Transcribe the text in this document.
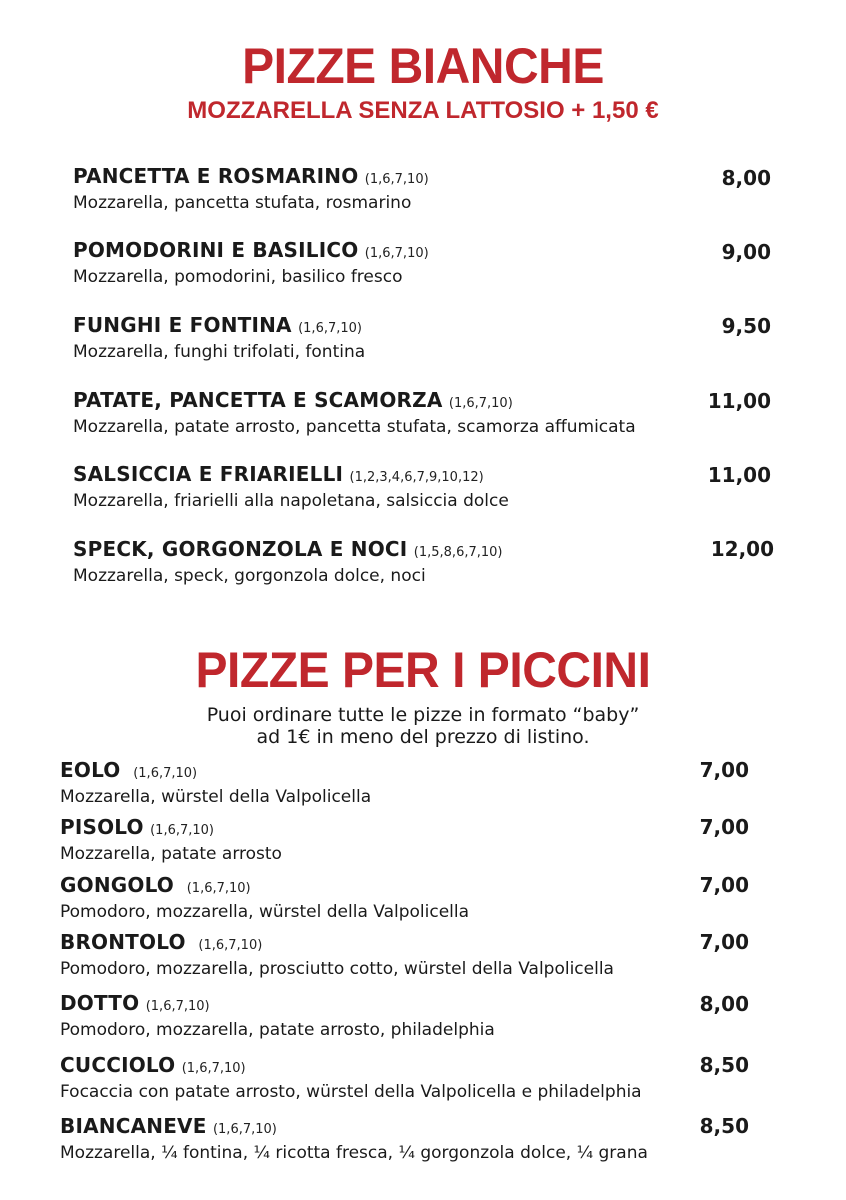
PIZZE BIANCHE
MOZZARELLA SENZA LATTOSIO + 1,50 €
PANCETTA E ROSMARINO (1,6,7,10)
Mozzarella, pancetta stufata, rosmarino
8,00
POMODORINI E BASILICO (1,6,7,10)
Mozzarella, pomodorini, basilico fresco
9,00
FUNGHI E FONTINA (1,6,7,10)
Mozzarella, funghi trifolati, fontina
9,50
PATATE, PANCETTA E SCAMORZA (1,6,7,10)
Mozzarella, patate arrosto, pancetta stufata, scamorza affumicata
11,00
SALSICCIA E FRIARIELLI (1,2,3,4,6,7,9,10,12)
Mozzarella, friarielli alla napoletana, salsiccia dolce
11,00
SPECK, GORGONZOLA E NOCI (1,5,8,6,7,10)
Mozzarella, speck, gorgonzola dolce, noci
12,00
PIZZE PER I PICCINI
Puoi ordinare tutte le pizze in formato “baby”
ad 1€ in meno del prezzo di listino.
EOLO (1,6,7,10)
Mozzarella, würstel della Valpolicella
7,00
PISOLO (1,6,7,10)
Mozzarella, patate arrosto
7,00
GONGOLO (1,6,7,10)
Pomodoro, mozzarella, würstel della Valpolicella
7,00
BRONTOLO (1,6,7,10)
Pomodoro, mozzarella, prosciutto cotto, würstel della Valpolicella
7,00
DOTTO (1,6,7,10)
Pomodoro, mozzarella, patate arrosto, philadelphia
8,00
CUCCIOLO (1,6,7,10)
Focaccia con patate arrosto, würstel della Valpolicella e philadelphia
8,50
BIANCANEVE (1,6,7,10)
Mozzarella, ¼ fontina, ¼ ricotta fresca, ¼ gorgonzola dolce, ¼ grana
8,50
